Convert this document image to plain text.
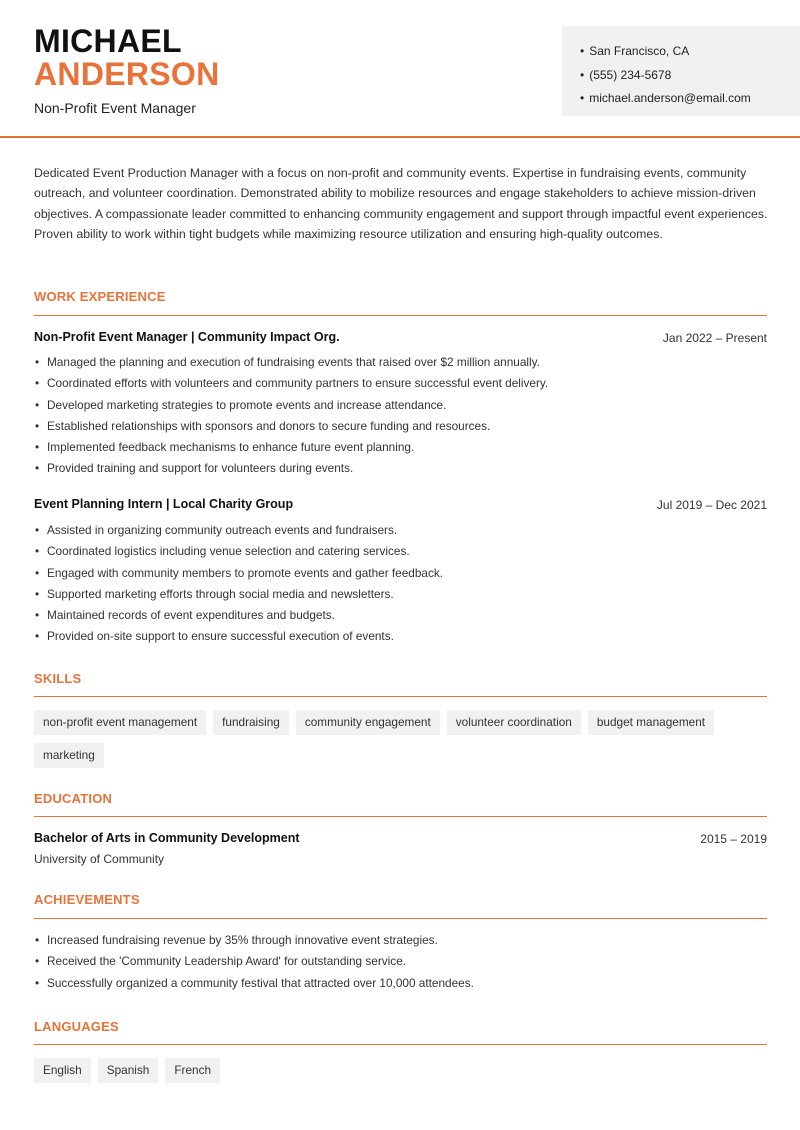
MICHAEL
ANDERSON
Non-Profit Event Manager
• San Francisco, CA
• (555) 234-5678
• michael.anderson@email.com
Dedicated Event Production Manager with a focus on non-profit and community events. Expertise in fundraising events, community outreach, and volunteer coordination. Demonstrated ability to mobilize resources and engage stakeholders to achieve mission-driven objectives. A compassionate leader committed to enhancing community engagement and support through impactful event experiences. Proven ability to work within tight budgets while maximizing resource utilization and ensuring high-quality outcomes.
WORK EXPERIENCE
Non-Profit Event Manager | Community Impact Org.	Jan 2022 – Present
• Managed the planning and execution of fundraising events that raised over $2 million annually.
• Coordinated efforts with volunteers and community partners to ensure successful event delivery.
• Developed marketing strategies to promote events and increase attendance.
• Established relationships with sponsors and donors to secure funding and resources.
• Implemented feedback mechanisms to enhance future event planning.
• Provided training and support for volunteers during events.
Event Planning Intern | Local Charity Group	Jul 2019 – Dec 2021
• Assisted in organizing community outreach events and fundraisers.
• Coordinated logistics including venue selection and catering services.
• Engaged with community members to promote events and gather feedback.
• Supported marketing efforts through social media and newsletters.
• Maintained records of event expenditures and budgets.
• Provided on-site support to ensure successful execution of events.
SKILLS
non-profit event management	fundraising	community engagement	volunteer coordination	budget management
marketing
EDUCATION
Bachelor of Arts in Community Development	2015 – 2019
University of Community
ACHIEVEMENTS
• Increased fundraising revenue by 35% through innovative event strategies.
• Received the 'Community Leadership Award' for outstanding service.
• Successfully organized a community festival that attracted over 10,000 attendees.
LANGUAGES
English	Spanish	French
